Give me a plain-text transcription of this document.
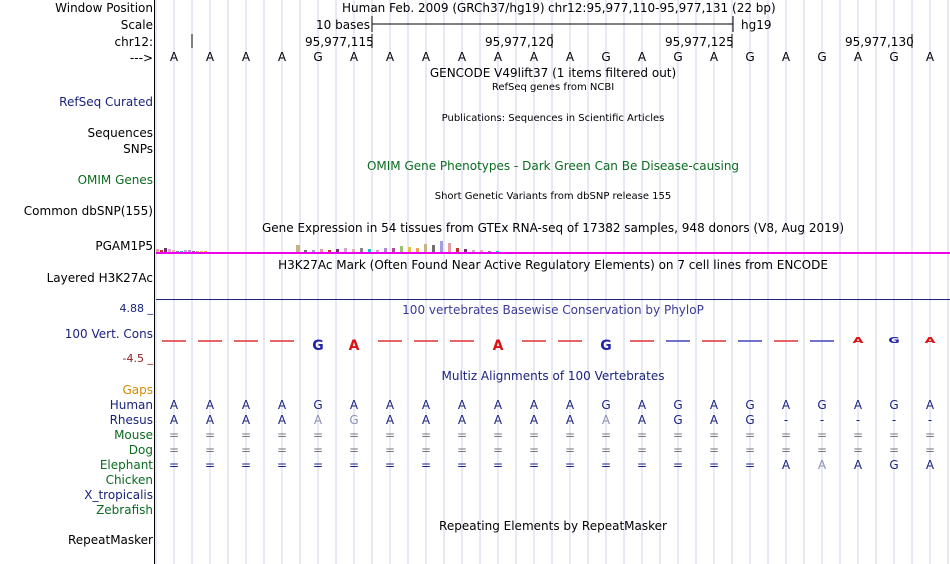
Window Position
Scale
chr12:
--->
RefSeq Curated
Sequences
SNPs
OMIM Genes
Common dbSNP(155)
PGAM1P5
Layered H3K27Ac
4.88 _
100 Vert. Cons
-4.5 _
Gaps
Human
Rhesus
Mouse
Dog
Elephant
Chicken
X_tropicalis
Zebrafish
RepeatMasker
Human Feb. 2009 (GRCh37/hg19) chr12:95,977,110-95,977,131 (22 bp)
10 bases	hg19
95,977,115	95,977,120	95,977,125	95,977,130
A	A	A	A	G	A	A	A	A	A	A	A	G	A	G	A	G	A	G	A	G	A
GENCODE V49lift37 (1 items filtered out)
RefSeq genes from NCBI
Publications: Sequences in Scientific Articles
OMIM Gene Phenotypes - Dark Green Can Be Disease-causing
Short Genetic Variants from dbSNP release 155
Gene Expression in 54 tissues from GTEx RNA-seq of 17382 samples, 948 donors (V8, Aug 2019)
H3K27Ac Mark (Often Found Near Active Regulatory Elements) on 7 cell lines from ENCODE
100 vertebrates Basewise Conservation by PhyloP
G A	A	G	A G A
Multiz Alignments of 100 Vertebrates
A	A	A	A	G	A	A	A	A	A	A	A	G	A	G	A	G	A	G	A	G	A
A	A	A	A	A	G	A	A	A	A	A	A	A	A	G	A	G	-	-	-	-	-
=	=	=	=	=	=	=	=	=	=	=	=	=	=	=	=	=	=	=	=	=	=
=	=	=	=	=	=	=	=	=	=	=	=	=	=	=	=	=	=	=	=	=	=
=	=	=	=	=	=	=	=	=	=	=	=	=	=	=	=	=	A	A	A	G	A
Repeating Elements by RepeatMasker
